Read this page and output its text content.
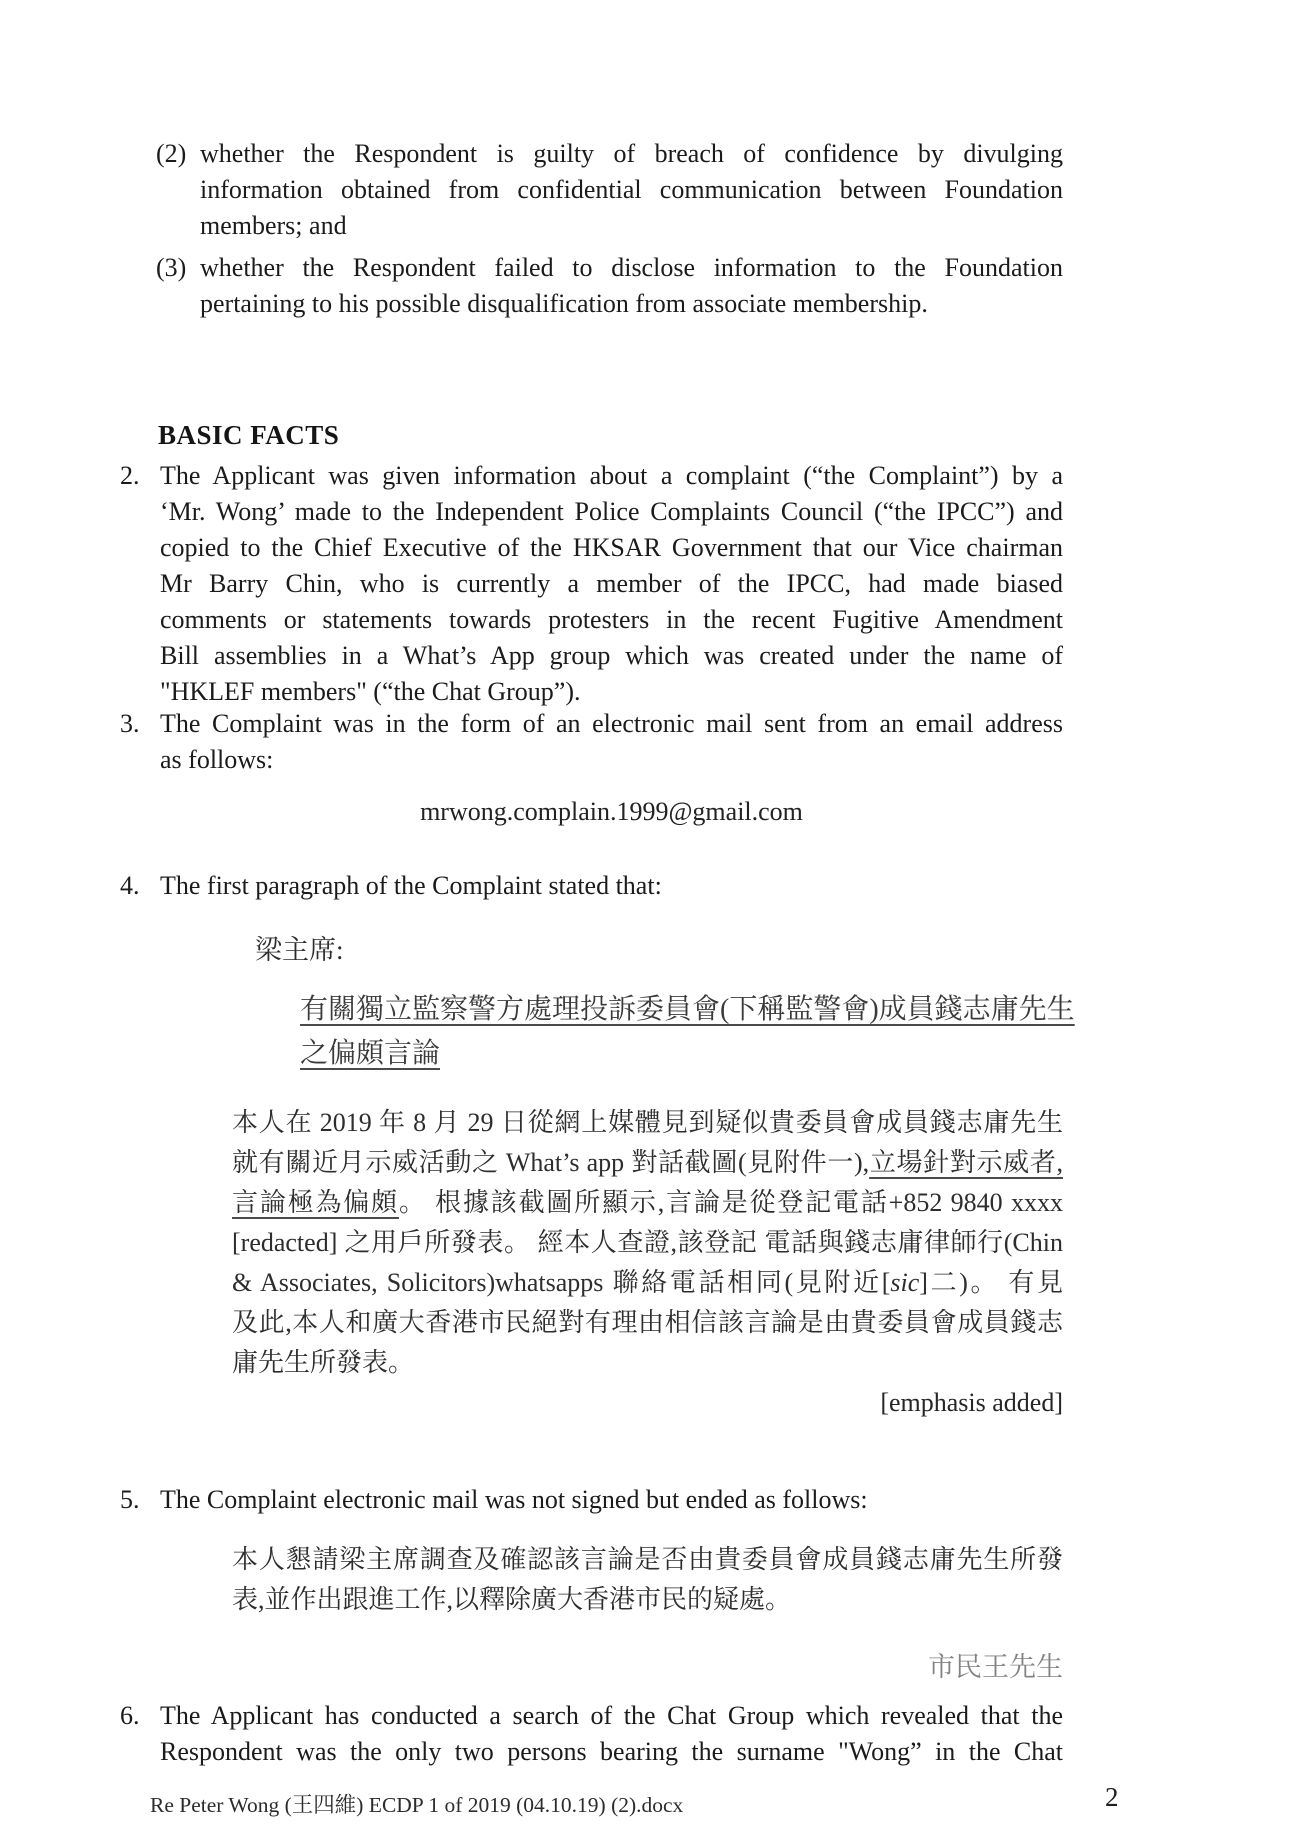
(2) whether the Respondent is guilty of breach of confidence by divulging
information obtained from confidential communication between Foundation
members; and
(3) whether the Respondent failed to disclose information to the Foundation
pertaining to his possible disqualification from associate membership.
BASIC FACTS
2. The Applicant was given information about a complaint (“the Complaint”) by a
‘Mr. Wong’ made to the Independent Police Complaints Council (“the IPCC”) and
copied to the Chief Executive of the HKSAR Government that our Vice chairman
Mr Barry Chin, who is currently a member of the IPCC, had made biased
comments or statements towards protesters in the recent Fugitive Amendment
Bill assemblies in a What’s App group which was created under the name of
"HKLEF members" (“the Chat Group”).
3. The Complaint was in the form of an electronic mail sent from an email address
as follows:
mrwong.complain.1999@gmail.com
4. The first paragraph of the Complaint stated that:
梁主席:
有關獨立監察警方處理投訴委員會(下稱監警會)成員錢志庸先生
之偏頗言論
本人在 2019 年 8 月 29 日從網上媒體見到疑似貴委員會成員錢志庸先生
就有關近月示威活動之 What’s app 對話截圖(見附件一),立場針對示威者,
言論極為偏頗。 根據該截圖所顯示,言論是從登記電話+852 9840 xxxx
[redacted] 之用戶所發表。 經本人查證,該登記 電話與錢志庸律師行(Chin
& Associates, Solicitors)whatsapps 聯絡電話相同(見附近[sic]二)。 有見
及此,本人和廣大香港市民絕對有理由相信該言論是由貴委員會成員錢志
庸先生所發表。
[emphasis added]
5. The Complaint electronic mail was not signed but ended as follows:
本人懇請梁主席調查及確認該言論是否由貴委員會成員錢志庸先生所發
表,並作出跟進工作,以釋除廣大香港市民的疑處。
市民王先生
6. The Applicant has conducted a search of the Chat Group which revealed that the
Respondent was the only two persons bearing the surname "Wong” in the Chat
Re Peter Wong (王四維) ECDP 1 of 2019 (04.10.19) (2).docx	2
